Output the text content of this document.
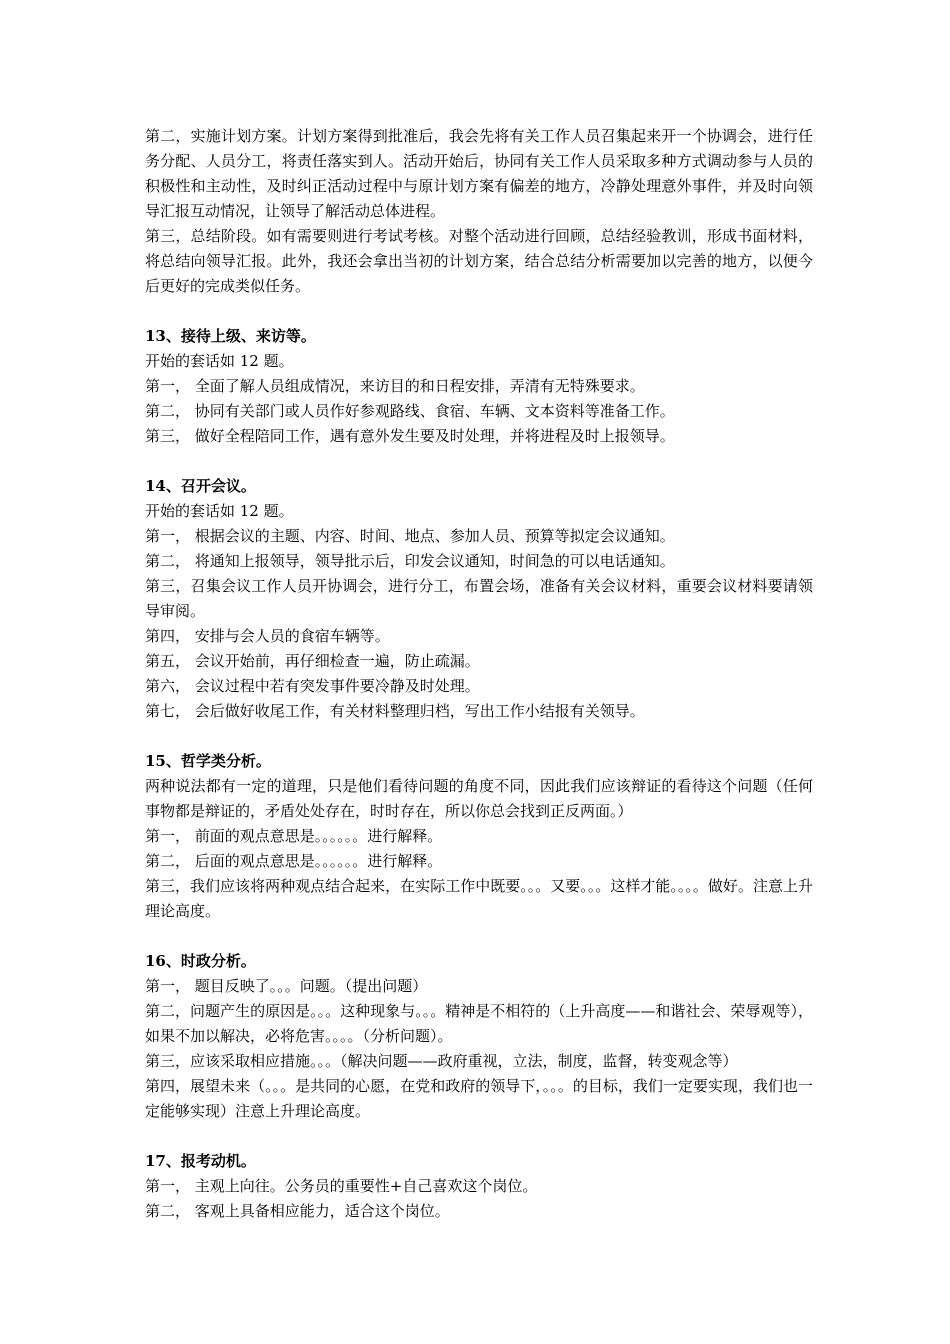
第二，实施计划方案。计划方案得到批准后，我会先将有关工作人员召集起来开一个协调会，进行任务分配、人员分工，将责任落实到人。活动开始后，协同有关工作人员采取多种方式调动参与人员的积极性和主动性，及时纠正活动过程中与原计划方案有偏差的地方，冷静处理意外事件，并及时向领导汇报互动情况，让领导了解活动总体进程。

第三，总结阶段。如有需要则进行考试考核。对整个活动进行回顾，总结经验教训，形成书面材料，将总结向领导汇报。此外，我还会拿出当初的计划方案，结合总结分析需要加以完善的地方，以便今后更好的完成类似任务。

13、接待上级、来访等。

开始的套话如 12 题。

第一， 全面了解人员组成情况，来访目的和日程安排，弄清有无特殊要求。

第二， 协同有关部门或人员作好参观路线、食宿、车辆、文本资料等准备工作。

第三， 做好全程陪同工作，遇有意外发生要及时处理，并将进程及时上报领导。

14、召开会议。

开始的套话如 12 题。

第一， 根据会议的主题、内容、时间、地点、参加人员、预算等拟定会议通知。

第二， 将通知上报领导，领导批示后，印发会议通知，时间急的可以电话通知。

第三，召集会议工作人员开协调会，进行分工，布置会场，准备有关会议材料，重要会议材料要请领导审阅。

第四， 安排与会人员的食宿车辆等。

第五， 会议开始前，再仔细检查一遍，防止疏漏。

第六， 会议过程中若有突发事件要冷静及时处理。

第七， 会后做好收尾工作，有关材料整理归档，写出工作小结报有关领导。

15、哲学类分析。

两种说法都有一定的道理，只是他们看待问题的角度不同，因此我们应该辩证的看待这个问题（任何事物都是辩证的，矛盾处处存在，时时存在，所以你总会找到正反两面。）

第一， 前面的观点意思是。。。。。。进行解释。

第二， 后面的观点意思是。。。。。。进行解释。

第三，我们应该将两种观点结合起来，在实际工作中既要。。。又要。。。这样才能。。。。做好。注意上升理论高度。

16、时政分析。

第一， 题目反映了。。。问题。（提出问题）

第二，问题产生的原因是。。。这种现象与。。。精神是不相符的（上升高度——和谐社会、荣辱观等），如果不加以解决，必将危害。。。。（分析问题）。

第三，应该采取相应措施。。。（解决问题——政府重视，立法，制度，监督，转变观念等）

第四，展望未来（。。。是共同的心愿，在党和政府的领导下，。。。的目标，我们一定要实现，我们也一定能够实现）注意上升理论高度。

17、报考动机。

第一， 主观上向往。公务员的重要性+自己喜欢这个岗位。

第二， 客观上具备相应能力，适合这个岗位。
